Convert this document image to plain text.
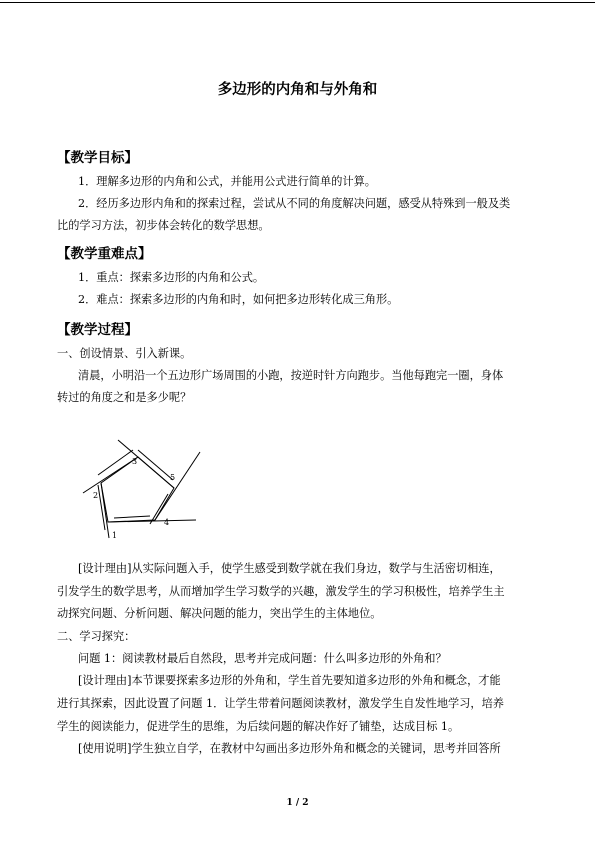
多边形的内角和与外角和
【教学目标】
1．理解多边形的内角和公式，并能用公式进行简单的计算。
2．经历多边形内角和的探索过程，尝试从不同的角度解决问题，感受从特殊到一般及类
比的学习方法，初步体会转化的数学思想。
【教学重难点】
1．重点：探索多边形的内角和公式。
2．难点：探索多边形的内角和时，如何把多边形转化成三角形。
【教学过程】
一、创设情景、引入新课。
清晨，小明沿一个五边形广场周围的小跑，按逆时针方向跑步。当他每跑完一圈，身体
转过的角度之和是多少呢？
3
2
5
4
1
[设计理由]从实际问题入手，使学生感受到数学就在我们身边，数学与生活密切相连，
引发学生的数学思考，从而增加学生学习数学的兴趣，激发学生的学习积极性，培养学生主
动探究问题、分析问题、解决问题的能力，突出学生的主体地位。
二、学习探究：
问题 1：阅读教材最后自然段，思考并完成问题：什么叫多边形的外角和？
[设计理由]本节课要探索多边形的外角和，学生首先要知道多边形的外角和概念，才能
进行其探索，因此设置了问题 1．让学生带着问题阅读教材，激发学生自发性地学习，培养
学生的阅读能力，促进学生的思维，为后续问题的解决作好了铺垫，达成目标 1。
[使用说明]学生独立自学，在教材中勾画出多边形外角和概念的关键词，思考并回答所
1 / 2
